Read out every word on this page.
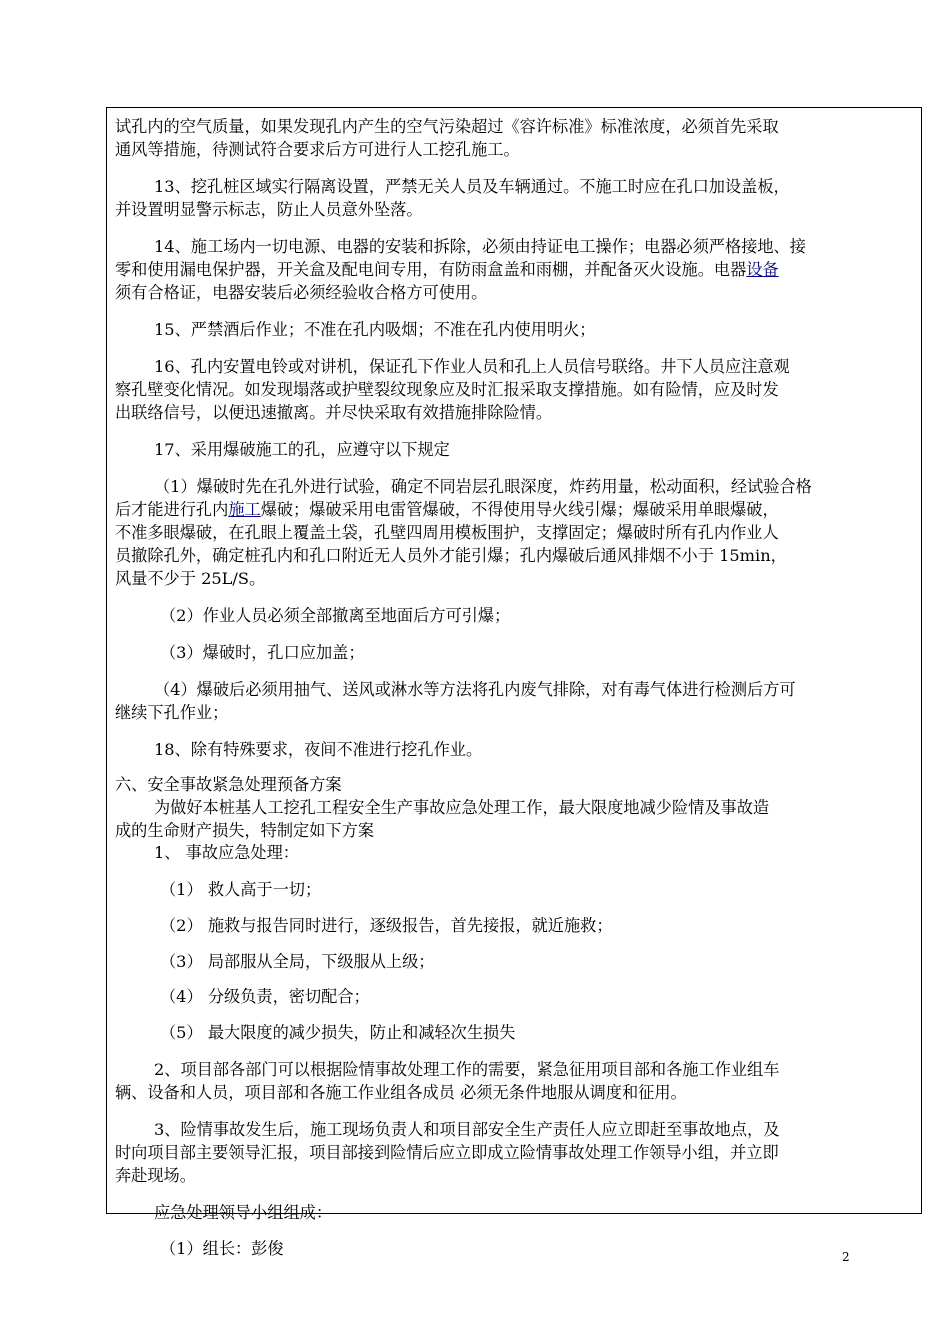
试孔内的空气质量，如果发现孔内产生的空气污染超过《容许标准》标准浓度，必须首先采取
通风等措施，待测试符合要求后方可进行人工挖孔施工。
13、挖孔桩区域实行隔离设置，严禁无关人员及车辆通过。不施工时应在孔口加设盖板，
并设置明显警示标志，防止人员意外坠落。
14、施工场内一切电源、电器的安装和拆除，必须由持证电工操作；电器必须严格接地、接
零和使用漏电保护器，开关盒及配电间专用，有防雨盒盖和雨棚，并配备灭火设施。电器设备
须有合格证，电器安装后必须经验收合格方可使用。
15、严禁酒后作业；不准在孔内吸烟；不准在孔内使用明火；
16、孔内安置电铃或对讲机，保证孔下作业人员和孔上人员信号联络。井下人员应注意观
察孔壁变化情况。如发现塌落或护壁裂纹现象应及时汇报采取支撑措施。如有险情，应及时发
出联络信号，以便迅速撤离。并尽快采取有效措施排除险情。
17、采用爆破施工的孔，应遵守以下规定
（1）爆破时先在孔外进行试验，确定不同岩层孔眼深度，炸药用量，松动面积，经试验合格
后才能进行孔内施工爆破；爆破采用电雷管爆破，不得使用导火线引爆；爆破采用单眼爆破，
不准多眼爆破，在孔眼上覆盖土袋，孔壁四周用模板围护，支撑固定；爆破时所有孔内作业人
员撤除孔外，确定桩孔内和孔口附近无人员外才能引爆；孔内爆破后通风排烟不小于 15min，
风量不少于 25L/S。
（2）作业人员必须全部撤离至地面后方可引爆；
（3）爆破时，孔口应加盖；
（4）爆破后必须用抽气、送风或淋水等方法将孔内废气排除，对有毒气体进行检测后方可
继续下孔作业；
18、除有特殊要求，夜间不准进行挖孔作业。
六、安全事故紧急处理预备方案
为做好本桩基人工挖孔工程安全生产事故应急处理工作，最大限度地减少险情及事故造
成的生命财产损失，特制定如下方案
1、 事故应急处理：
（1） 救人高于一切；
（2） 施救与报告同时进行，逐级报告，首先接报，就近施救；
（3） 局部服从全局，下级服从上级；
（4） 分级负责，密切配合；
（5） 最大限度的减少损失，防止和减轻次生损失
2、项目部各部门可以根据险情事故处理工作的需要，紧急征用项目部和各施工作业组车
辆、设备和人员，项目部和各施工作业组各成员 必须无条件地服从调度和征用。
3、险情事故发生后，施工现场负责人和项目部安全生产责任人应立即赶至事故地点，及
时向项目部主要领导汇报，项目部接到险情后应立即成立险情事故处理工作领导小组，并立即
奔赴现场。
应急处理领导小组组成：
（1）组长：彭俊	2
